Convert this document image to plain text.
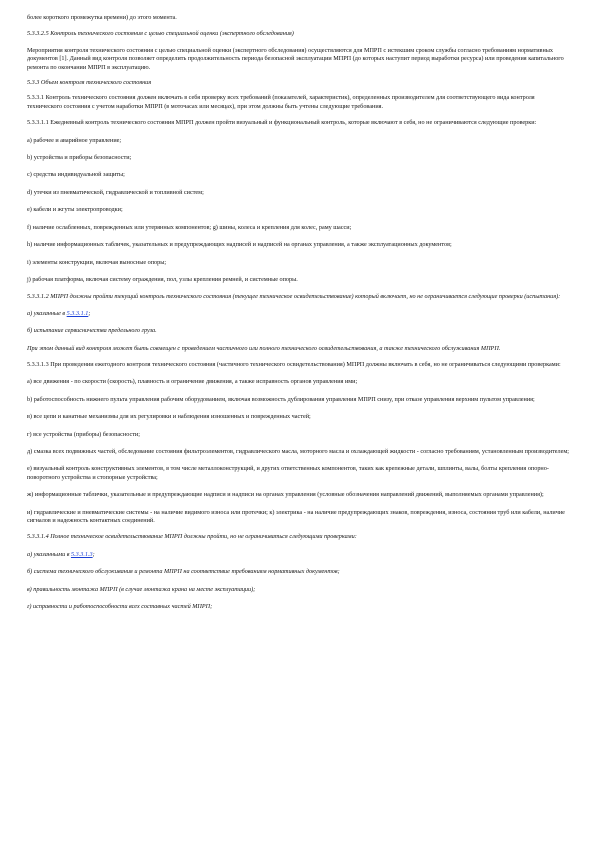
более короткого промежутка времени) до этого момента.

5.3.3.2.5 Контроль технического состояния с целью специальной оценки (экспертного обследования)

Мероприятия контроля технического состояния с целью специальной оценки (экспертного обследования) осуществляются для МПРП с истекшим сроком службы согласно требованиям нормативных документов [1]. Данный вид контроля позволяет определить продолжительность периода безопасной эксплуатации МПРП (до которых наступит период выработки ресурса) или проведения капитального ремонта по окончании МПРП в эксплуатацию.

5.3.3 Объем контроля технического состояния

5.3.3.1 Контроль технического состояния должен включать в себя проверку всех требований (показателей, характеристик), определенных производителем для соответствующего вида контроля технического состояния с учетом наработки МПРП (в моточасах или месяцах), при этом должны быть учтены следующие требования.

5.3.3.1.1 Ежедневный контроль технического состояния МПРП должен пройти визуальный и функциональный контроль, которые включают в себя, но не ограничиваются следующие проверки:

a) рабочее и аварийное управление;

b) устройства и приборы безопасности;

c) средства индивидуальной защиты;

d) утечки из пневматической, гидравлической и топливной систем;

e) кабели и жгуты электропроводки;

f) наличие ослабленных, поврежденных или утерянных компонентов; g) шины, колеса и крепления для колес, раму шасси;

h) наличие информационных табличек, указательных и предупреждающих надписей и надписей на органах управления, а также эксплуатационных документов;

i) элементы конструкции, включая выносные опоры;

j) рабочая платформа, включая систему ограждения, пол, узлы крепления ремней, и системные опоры.

5.3.3.1.2 МПРП должны пройти текущий контроль технического состояния (текущее техническое освидетельствование) который включает, но не ограничивается следующие проверки (испытания):

a) указанные в 5.3.3.1.1;

б) испытание сервисничества предельного груза.

При этом данный вид контроля может быть совмещен с проведением частичного или полного технического освидетельствования, а также технического обслуживания МПРП.

5.3.3.1.3 При проведении ежегодного контроля технического состояния (частичного технического освидетельствования) МПРП должны включать в себя, но не ограничиваться следующими проверками:

a) все движения - по скорости (скорость), плавность и ограничение движения, а также исправность органов управления ими;

b) работоспособность нижнего пульта управления рабочим оборудованием, включая возможность дублирования управления МПРП снизу, при отказе управления верхним пультом управления;

в) все цепи и канатные механизмы для их регулировки и наблюдения изношенных и поврежденных частей;

г) все устройства (приборы) безопасности;

д) смазка всех подвижных частей, обследование состояния фильтроэлементов, гидравлического масла, моторного масла и охлаждающей жидкости - согласно требованиям, установленным производителем;

е) визуальный контроль конструктивных элементов, в том числе металлоконструкций, и других ответственных компонентов, таких как крепежные детали, шплинты, валы, болты крепления опорно-поворотного устройства и стопорные устройства;

ж) информационные таблички, указательные и предупреждающие надписи и надписи на органах управления (условные обозначения направлений движений, выполняемых органами управления);

и) гидравлические и пневматические системы - на наличие видимого износа или протечки; к) электрика - на наличие предупреждающих знаков, повреждения, износа, состояния труб или кабели, наличие сигналов и надежность контактных соединений.

5.3.3.1.4 Полное техническое освидетельствование МПРП должны пройти, но не ограничиваться следующими проверками:

a) указанными в 5.3.3.1.3;

б) система технического обслуживания и ремонта МПРП на соответствие требованиям нормативных документов;

в) правильность монтажа МПРП (в случае монтажа крана на месте эксплуатации);

г) исправности и работоспособности всех составных частей МПРП;
